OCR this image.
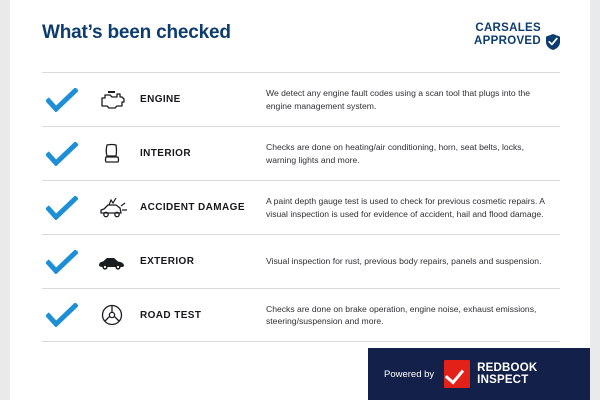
What’s been checked	CARSALES
APPROVED
ENGINE
We detect any engine fault codes using a scan tool that plugs into the engine management system.
INTERIOR
Checks are done on heating/air conditioning, horn, seat belts, locks, warning lights and more.
ACCIDENT DAMAGE
A paint depth gauge test is used to check for previous cosmetic repairs. A visual inspection is used for evidence of accident, hail and flood damage.
EXTERIOR	Visual inspection for rust, previous body repairs, panels and suspension.
ROAD TEST
Checks are done on brake operation, engine noise, exhaust emissions, steering/suspension and more.
Powered by	REDBOOK
INSPECT
